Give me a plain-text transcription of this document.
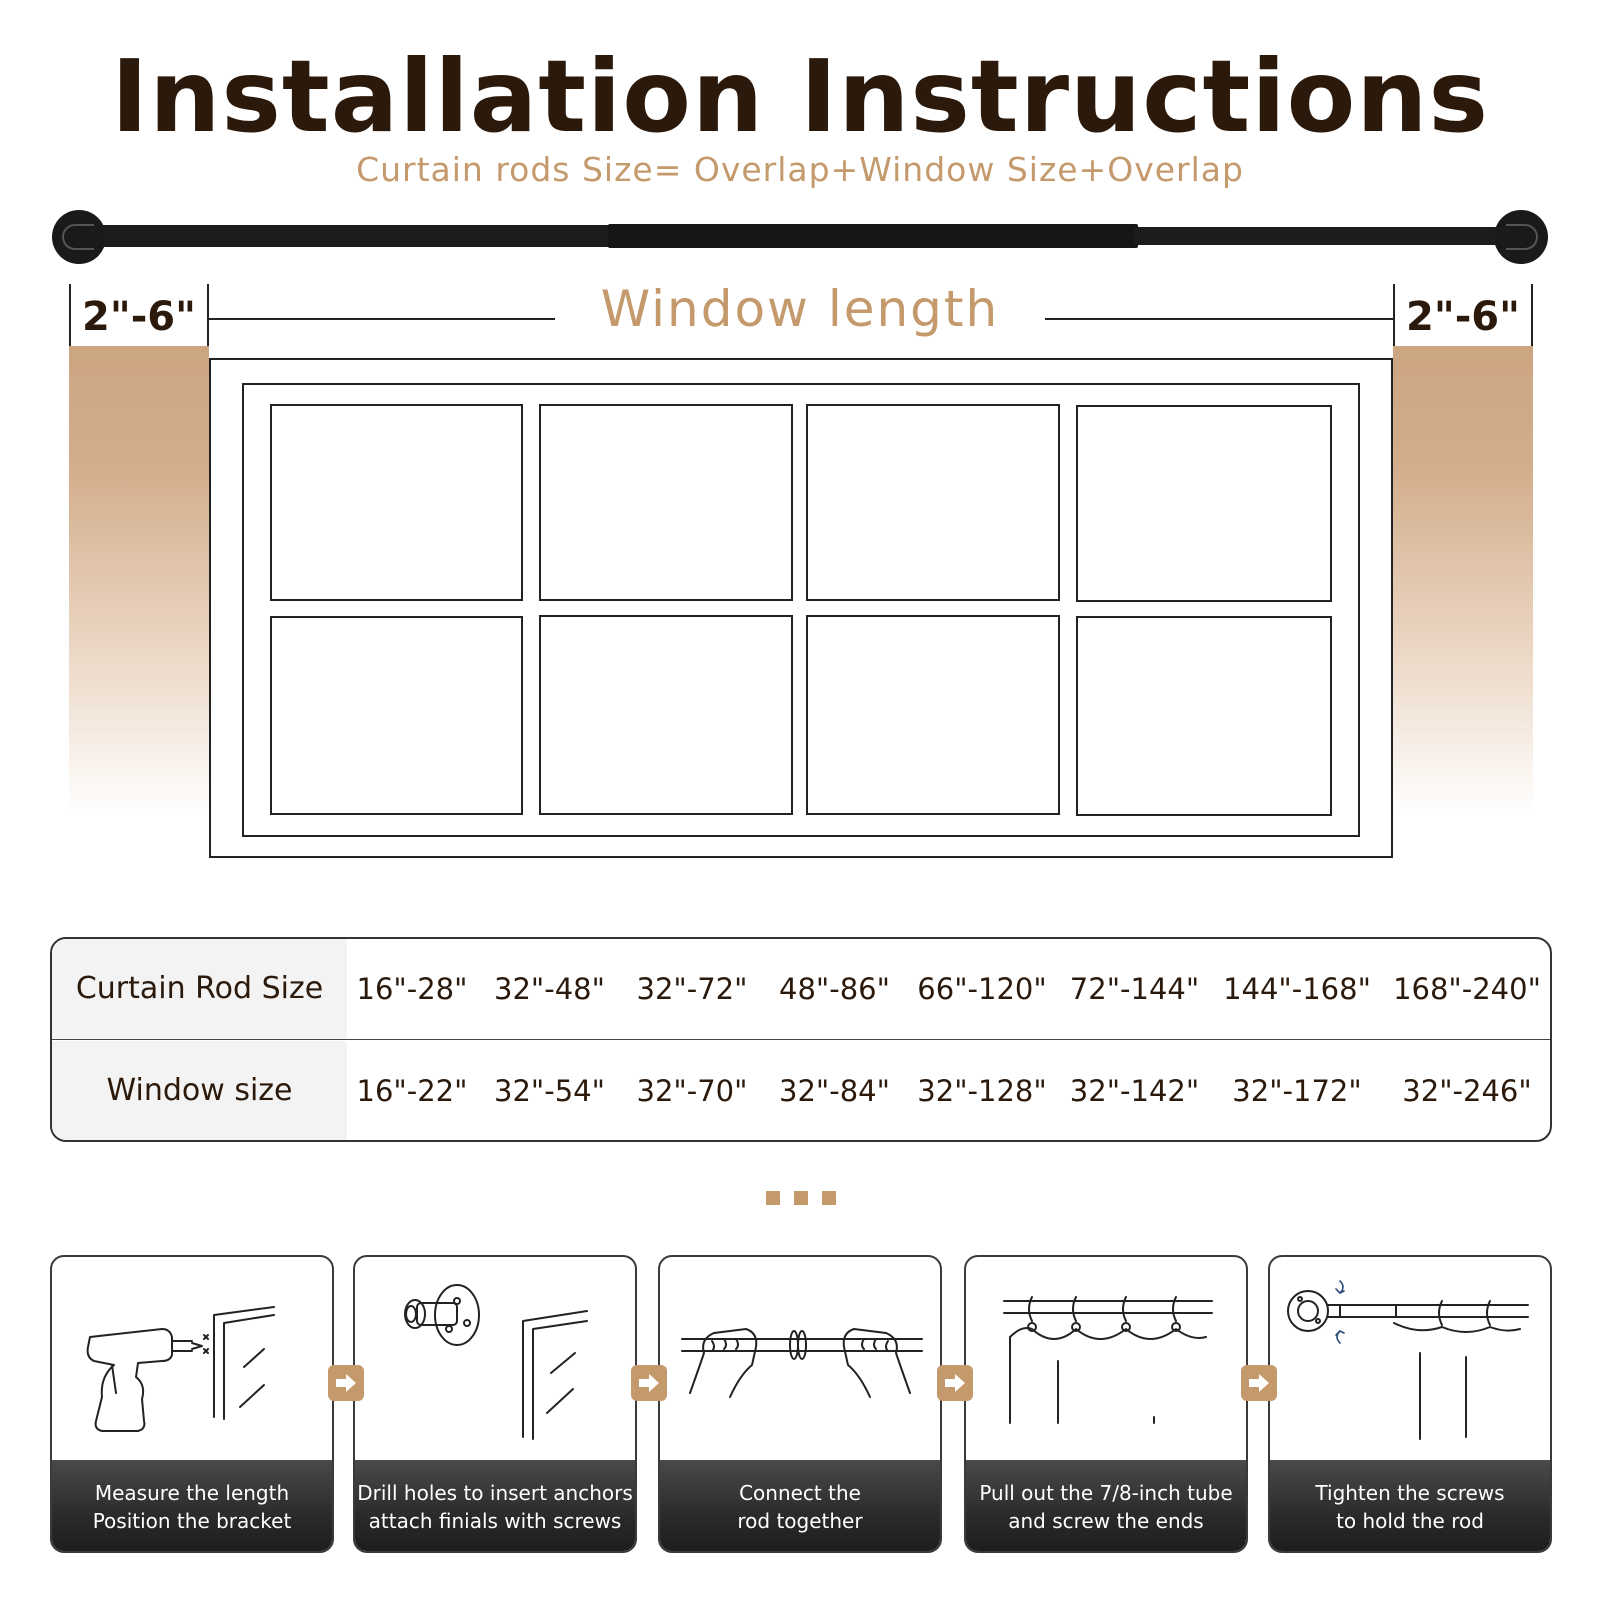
Installation Instructions
Curtain rods Size= Overlap+Window Size+Overlap
2"-6"	2"-6"
Window length
Curtain Rod Size	16"-28" 32"-48"	32"-72"	48"-86" 66"-120" 72"-144" 144"-168" 168"-240"
Window size	16"-22" 32"-54"	32"-70"	32"-84" 32"-128" 32"-142"	32"-172"	32"-246"
Measure the length
Position the bracket
Drill holes to insert anchors
attach finials with screws
Connect the
rod together
Pull out the 7/8-inch tube
and screw the ends
Tighten the screws
to hold the rod
